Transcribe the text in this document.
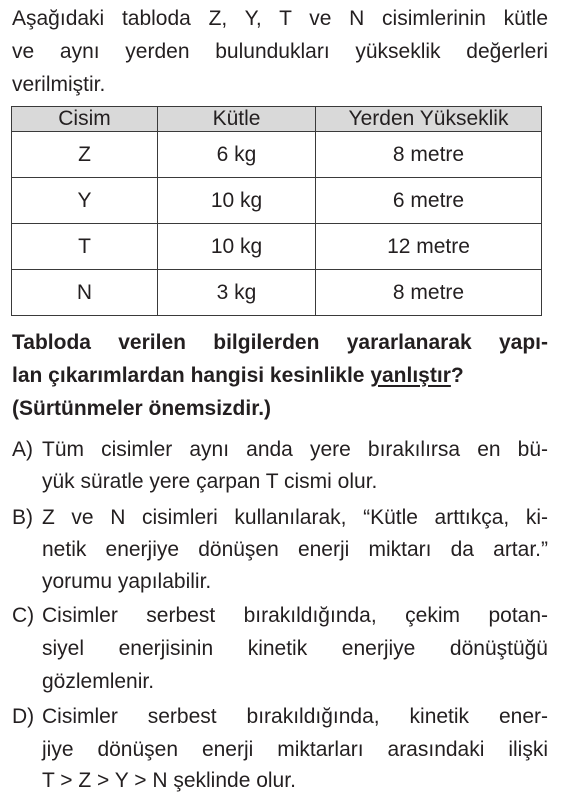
Aşağıdaki tabloda Z, Y, T ve N cisimlerinin kütle
ve aynı yerden bulundukları yükseklik değerleri
verilmiştir.
Cisim	Kütle	Yerden Yükseklik
Z	6 kg	8 metre
Y	10 kg	6 metre
T	10 kg	12 metre
N	3 kg	8 metre
Tabloda verilen bilgilerden yararlanarak yapı-
lan çıkarımlardan hangisi kesinlikle yanlıştır?
(Sürtünmeler önemsizdir.)
A) Tüm cisimler aynı anda yere bırakılırsa en bü-
yük süratle yere çarpan T cismi olur.
B) Z ve N cisimleri kullanılarak, “Kütle arttıkça, ki-
netik enerjiye dönüşen enerji miktarı da artar.”
yorumu yapılabilir.
C) Cisimler serbest bırakıldığında, çekim potan-
siyel enerjisinin kinetik enerjiye dönüştüğü
gözlemlenir.
D) Cisimler serbest bırakıldığında, kinetik ener-
jiye dönüşen enerji miktarları arasındaki ilişki
T > Z > Y > N şeklinde olur.
